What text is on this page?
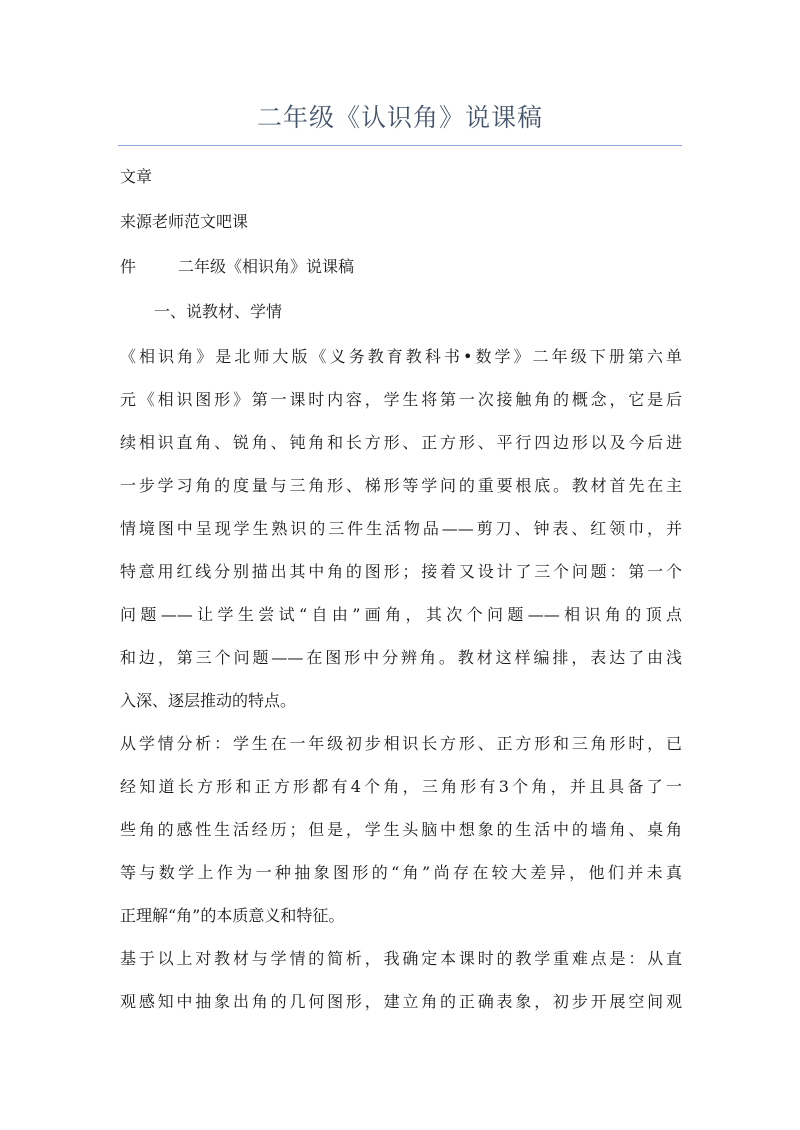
二年级《认识角》说课稿
文章
来源老师范文吧课
件	二年级《相识角》说课稿
一、说教材、学情
《相识角》是北师大版《义务教育教科书•数学》二年级下册第六单
元《相识图形》第一课时内容，学生将第一次接触角的概念，它是后
续相识直角、锐角、钝角和长方形、正方形、平行四边形以及今后进
一步学习角的度量与三角形、梯形等学问的重要根底。教材首先在主
情境图中呈现学生熟识的三件生活物品——剪刀、钟表、红领巾，并
特意用红线分别描出其中角的图形；接着又设计了三个问题：第一个
问题——让学生尝试“自由”画角，其次个问题——相识角的顶点
和边，第三个问题——在图形中分辨角。教材这样编排，表达了由浅
入深、逐层推动的特点。
从学情分析：学生在一年级初步相识长方形、正方形和三角形时，已
经知道长方形和正方形都有4个角，三角形有3个角，并且具备了一
些角的感性生活经历；但是，学生头脑中想象的生活中的墙角、桌角
等与数学上作为一种抽象图形的“角”尚存在较大差异，他们并未真
正理解“角”的本质意义和特征。
基于以上对教材与学情的简析，我确定本课时的教学重难点是：从直
观感知中抽象出角的几何图形，建立角的正确表象，初步开展空间观
